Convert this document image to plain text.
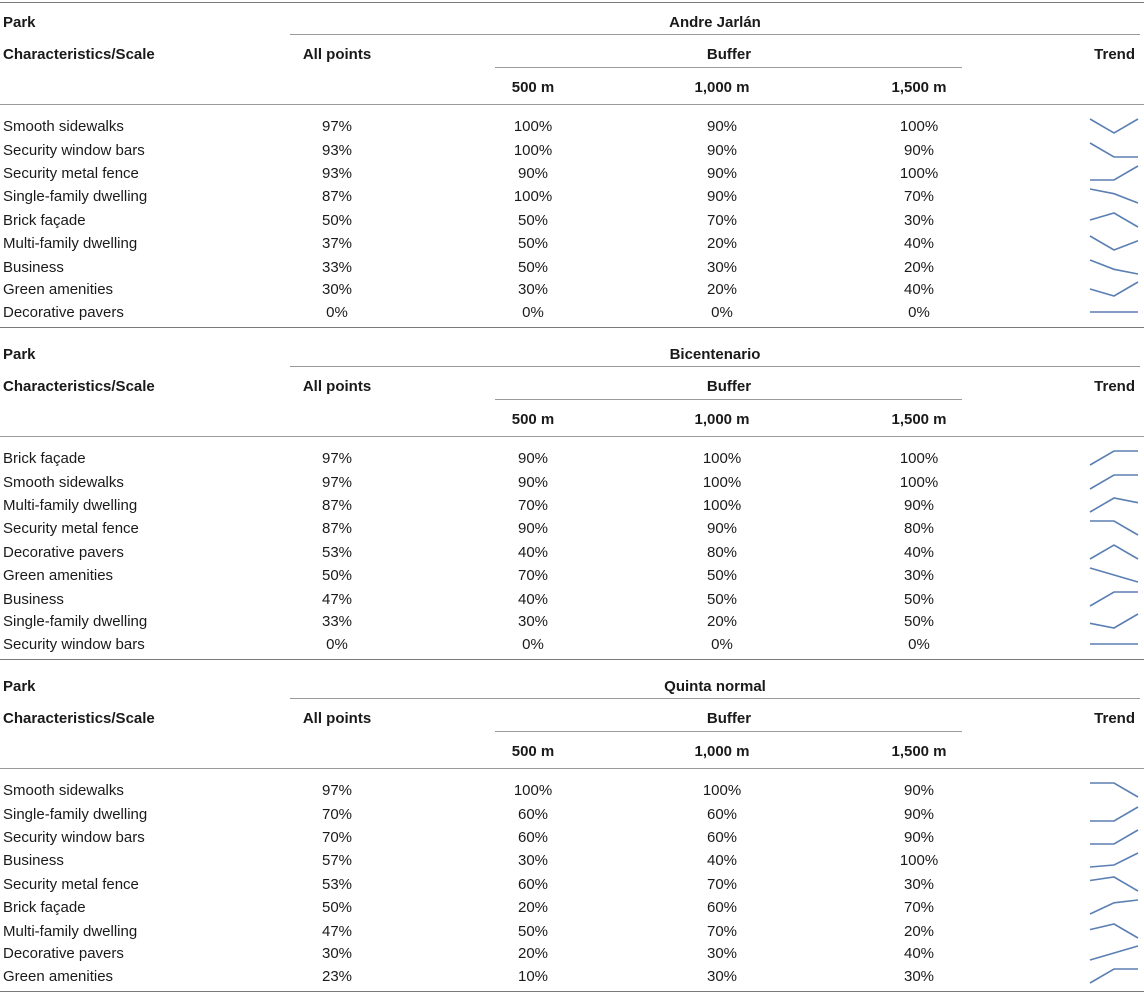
Park	Andre Jarlán
Characteristics/Scale	All points	Buffer	Trend
500 m	1,000 m	1,500 m
Smooth sidewalks	97%	100%	90%	100%
Security window bars	93%	100%	90%	90%
Security metal fence	93%	90%	90%	100%
Single-family dwelling	87%	100%	90%	70%
Brick façade	50%	50%	70%	30%
Multi-family dwelling	37%	50%	20%	40%
Business	33%	50%	30%	20%
Green amenities	30%	30%	20%	40%
Decorative pavers	0%	0%	0%	0%
Park	Bicentenario
Characteristics/Scale	All points	Buffer	Trend
500 m	1,000 m	1,500 m
Brick façade	97%	90%	100%	100%
Smooth sidewalks	97%	90%	100%	100%
Multi-family dwelling	87%	70%	100%	90%
Security metal fence	87%	90%	90%	80%
Decorative pavers	53%	40%	80%	40%
Green amenities	50%	70%	50%	30%
Business	47%	40%	50%	50%
Single-family dwelling	33%	30%	20%	50%
Security window bars	0%	0%	0%	0%
Park	Quinta normal
Characteristics/Scale	All points	Buffer	Trend
500 m	1,000 m	1,500 m
Smooth sidewalks	97%	100%	100%	90%
Single-family dwelling	70%	60%	60%	90%
Security window bars	70%	60%	60%	90%
Business	57%	30%	40%	100%
Security metal fence	53%	60%	70%	30%
Brick façade	50%	20%	60%	70%
Multi-family dwelling	47%	50%	70%	20%
Decorative pavers	30%	20%	30%	40%
Green amenities	23%	10%	30%	30%
